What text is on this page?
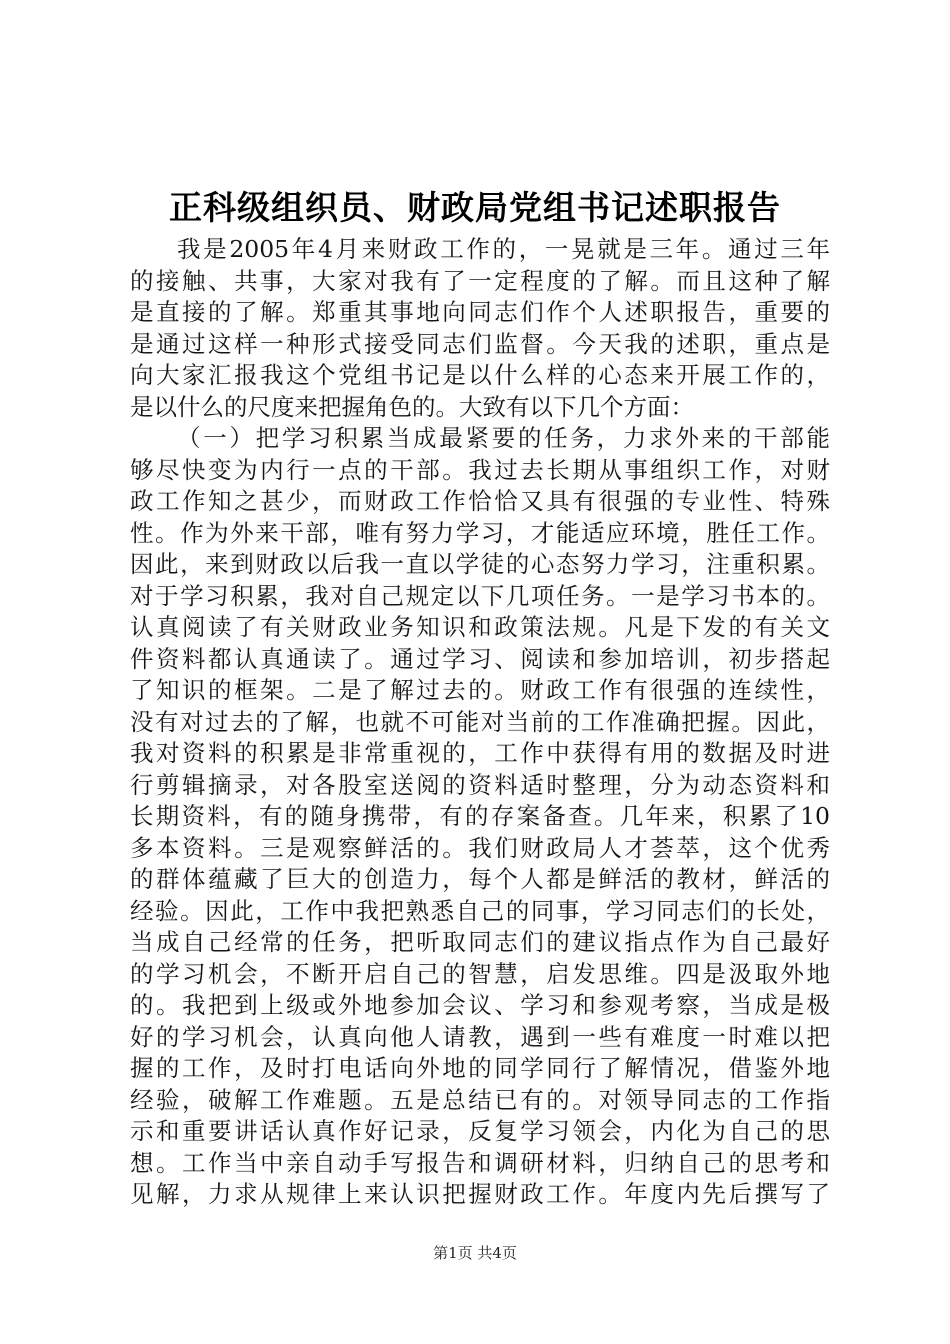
正科级组织员、财政局党组书记述职报告
我是2005年4月来财政工作的，一晃就是三年。通过三年
的接触、共事，大家对我有了一定程度的了解。而且这种了解
是直接的了解。郑重其事地向同志们作个人述职报告，重要的
是通过这样一种形式接受同志们监督。今天我的述职，重点是
向大家汇报我这个党组书记是以什么样的心态来开展工作的，
是以什么的尺度来把握角色的。大致有以下几个方面：
（一）把学习积累当成最紧要的任务，力求外来的干部能
够尽快变为内行一点的干部。我过去长期从事组织工作，对财
政工作知之甚少，而财政工作恰恰又具有很强的专业性、特殊
性。作为外来干部，唯有努力学习，才能适应环境，胜任工作。
因此，来到财政以后我一直以学徒的心态努力学习，注重积累。
对于学习积累，我对自己规定以下几项任务。一是学习书本的。
认真阅读了有关财政业务知识和政策法规。凡是下发的有关文
件资料都认真通读了。通过学习、阅读和参加培训，初步搭起
了知识的框架。二是了解过去的。财政工作有很强的连续性，
没有对过去的了解，也就不可能对当前的工作准确把握。因此，
我对资料的积累是非常重视的，工作中获得有用的数据及时进
行剪辑摘录，对各股室送阅的资料适时整理，分为动态资料和
长期资料，有的随身携带，有的存案备查。几年来，积累了10
多本资料。三是观察鲜活的。我们财政局人才荟萃，这个优秀
的群体蕴藏了巨大的创造力，每个人都是鲜活的教材，鲜活的
经验。因此，工作中我把熟悉自己的同事，学习同志们的长处，
当成自己经常的任务，把听取同志们的建议指点作为自己最好
的学习机会，不断开启自己的智慧，启发思维。四是汲取外地
的。我把到上级或外地参加会议、学习和参观考察，当成是极
好的学习机会，认真向他人请教，遇到一些有难度一时难以把
握的工作，及时打电话向外地的同学同行了解情况，借鉴外地
经验，破解工作难题。五是总结已有的。对领导同志的工作指
示和重要讲话认真作好记录，反复学习领会，内化为自己的思
想。工作当中亲自动手写报告和调研材料，归纳自己的思考和
见解，力求从规律上来认识把握财政工作。年度内先后撰写了
第1页 共4页
